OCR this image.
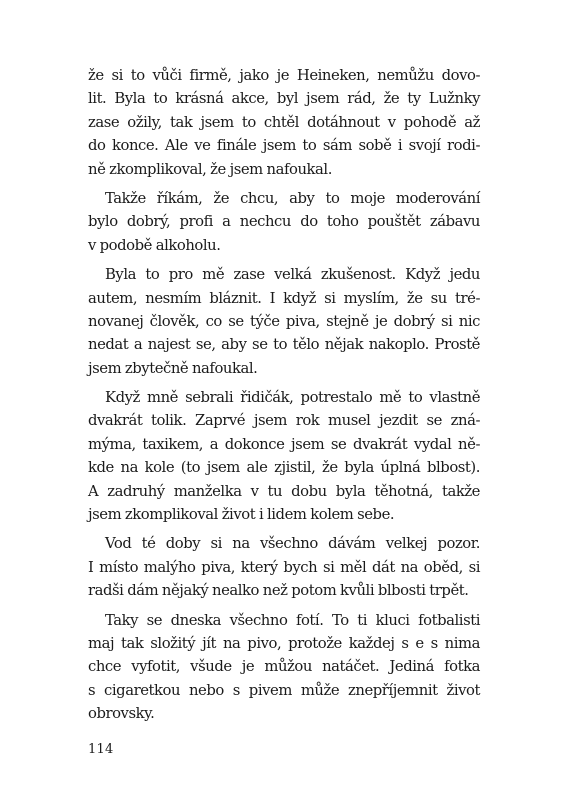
že si to vůči firmě, jako je Heineken, nemůžu dovo-
lit. Byla to krásná akce, byl jsem rád, že ty Lužnky
zase ožily, tak jsem to chtěl dotáhnout v pohodě až
do konce. Ale ve finále jsem to sám sobě i svojí rodi-
ně zkomplikoval, že jsem nafoukal.
Takže říkám, že chcu, aby to moje moderování
bylo dobrý, profi a nechcu do toho pouštět zábavu
v podobě alkoholu.
Byla to pro mě zase velká zkušenost. Když jedu
autem, nesmím bláznit. I když si myslím, že su tré-
novanej člověk, co se týče piva, stejně je dobrý si nic
nedat a najest se, aby se to tělo nějak nakoplo. Prostě
jsem zbytečně nafoukal.
Když mně sebrali řidičák, potrestalo mě to vlastně
dvakrát tolik. Zaprvé jsem rok musel jezdit se zná-
mýma, taxikem, a dokonce jsem se dvakrát vydal ně-
kde na kole (to jsem ale zjistil, že byla úplná blbost).
A zadruhý manželka v tu dobu byla těhotná, takže
jsem zkomplikoval život i lidem kolem sebe.
Vod té doby si na všechno dávám velkej pozor.
I místo malýho piva, který bych si měl dát na oběd, si
radši dám nějaký nealko než potom kvůli blbosti trpět.
Taky se dneska všechno fotí. To ti kluci fotbalisti
maj tak složitý jít na pivo, protože každej s e s nima
chce vyfotit, všude je můžou natáčet. Jediná fotka
s cigaretkou nebo s pivem může znepříjemnit život
obrovsky.
114
